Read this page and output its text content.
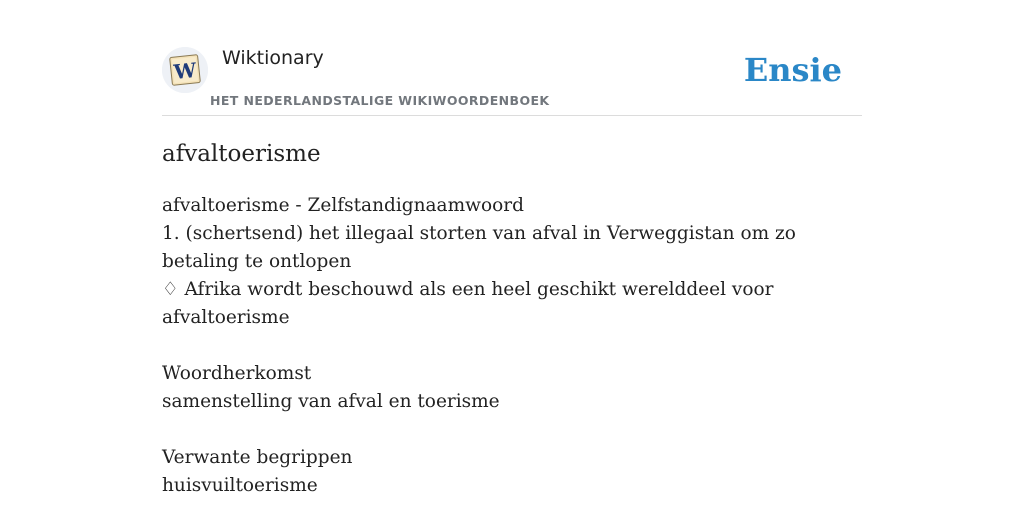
W Wiktionary
HET NEDERLANDSTALIGE WIKIWOORDENBOEK
Ensie
afvaltoerisme

afvaltoerisme - Zelfstandignaamwoord

1. (schertsend) het illegaal storten van afval in Verweggistan om zo betaling te ontlopen

♢ Afrika wordt beschouwd als een heel geschikt werelddeel voor afvaltoerisme

Woordherkomst

samenstelling van afval en toerisme

Verwante begrippen

huisvuiltoerisme
